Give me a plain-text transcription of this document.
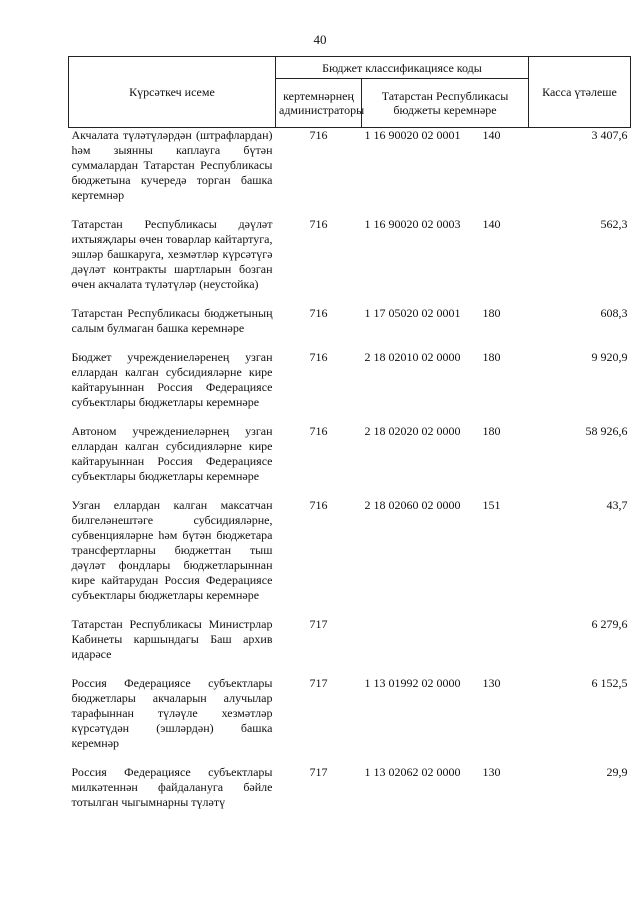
40
Күрсәткеч исеме	Бюджет классификациясе коды		Касса үтәлеше
	кертемнәрнең администраторы	Татарстан Республикасы бюджеты керемнәре	
Акчалата түләтүләрдән (штрафлардан) һәм зыянны каплауга бүтән суммалардан Татарстан Республикасы бюджетына кучередә торган башка кертемнәр	716	1 16 90020 02 0001 140	3 407,6
Татарстан Республикасы дәүләт ихтыяҗлары өчен товарлар кайтартуга, эшләр башкаруга, хезмәтләр күрсәтүгә дәүләт контракты шартларын бозган өчен акчалата түләтүләр (неустойка)	716	1 16 90020 02 0003 140	562,3
Татарстан Республикасы бюджетының салым булмаган башка керемнәре	716	1 17 05020 02 0001 180	608,3
Бюджет учреждениеләренең узган еллардан калган субсидияләрне кире кайтаруыннан Россия Федерациясе субъектлары бюджетлары керемнәре	716	2 18 02010 02 0000 180	9 920,9
Автоном учреждениеләрнең узган еллардан калган субсидияләрне кире кайтаруыннан Россия Федерациясе субъектлары бюджетлары керемнәре	716	2 18 02020 02 0000 180	58 926,6
Узган еллардан калган максатчан билгеләнештәге субсидияләрне, субвенцияләрне һәм бүтән бюджетара трансфертларны бюджеттан тыш дәүләт фондлары бюджетларыннан кире кайтарудан Россия Федерациясе субъектлары бюджетлары керемнәре	716	2 18 02060 02 0000 151	43,7
Татарстан Республикасы Министрлар Кабинеты каршындагы Баш архив идарәсе	717		6 279,6
Россия Федерациясе субъектлары бюджетлары акчаларын алучылар тарафыннан түләүле хезмәтләр күрсәтүдән (эшләрдән) башка керемнәр	717	1 13 01992 02 0000 130	6 152,5
Россия Федерациясе субъектлары милкәтеннән файдалануга бәйле тотылган чыгымнарны түләтү	717	1 13 02062 02 0000 130	29,9
